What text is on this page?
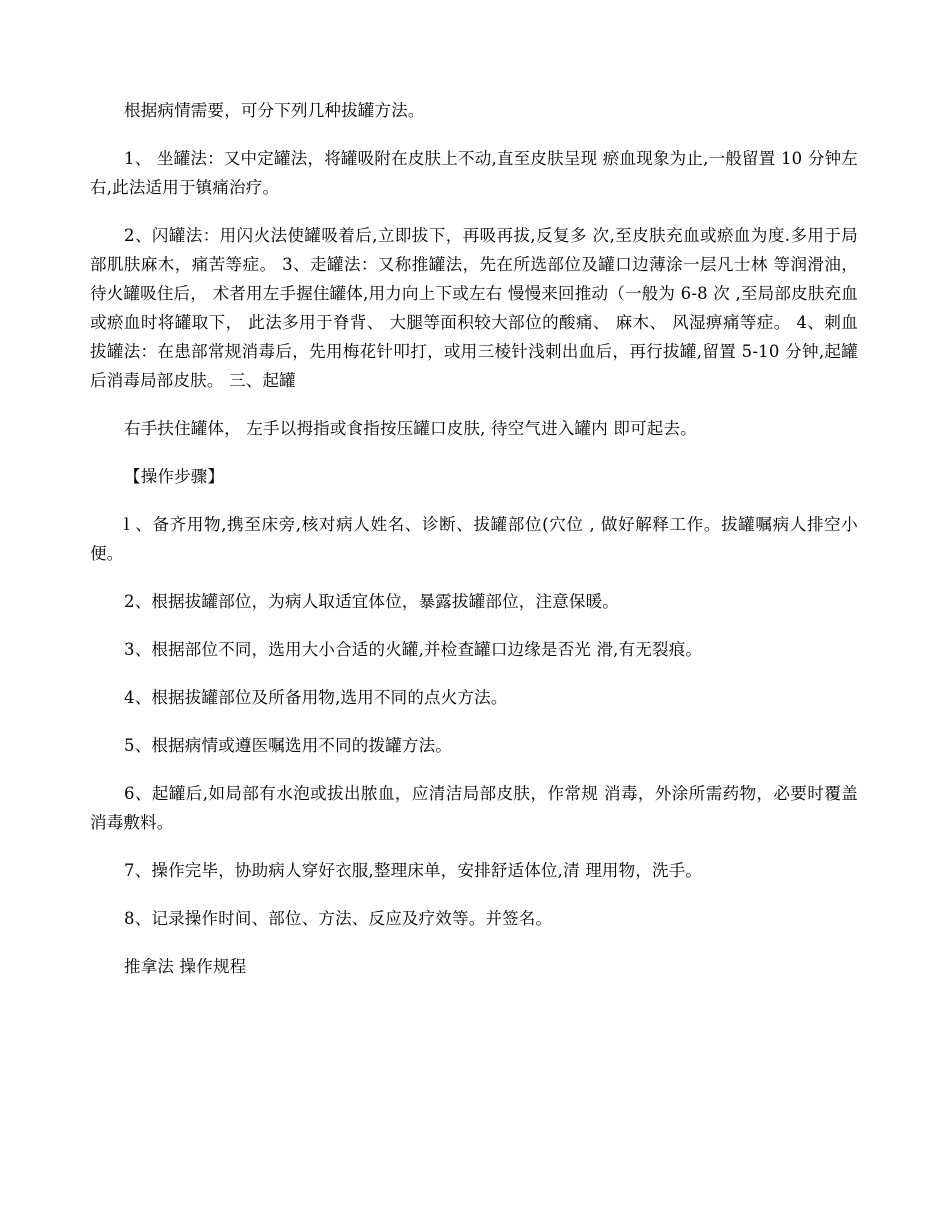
根据病情需要，可分下列几种拔罐方法。

1、 坐罐法：又中定罐法，将罐吸附在皮肤上不动,直至皮肤呈现 瘀血现象为止,一般留置 10 分钟左右,此法适用于镇痛治疗。

2、闪罐法：用闪火法使罐吸着后,立即拔下，再吸再拔,反复多 次,至皮肤充血或瘀血为度.多用于局部肌肤麻木，痛苦等症。 3、走罐法：又称推罐法，先在所选部位及罐口边薄涂一层凡士林 等润滑油，待火罐吸住后， 术者用左手握住罐体,用力向上下或左右 慢慢来回推动（一般为 6-8 次 ,至局部皮肤充血或瘀血时将罐取下， 此法多用于脊背、 大腿等面积较大部位的酸痛、 麻木、 风湿痹痛等症。 4、刺血拔罐法：在患部常规消毒后，先用梅花针叩打，或用三棱针浅刺出血后，再行拔罐,留置 5-10 分钟,起罐后消毒局部皮肤。 三、起罐

右手扶住罐体， 左手以拇指或食指按压罐口皮肤, 待空气进入罐内 即可起去。

【操作步骤】

l 、备齐用物,携至床旁,核对病人姓名、诊断、拔罐部位(穴位 , 做好解释工作。拔罐嘱病人排空小便。

2、根据拔罐部位，为病人取适宜体位，暴露拔罐部位，注意保暖。

3、根据部位不同，选用大小合适的火罐,并检查罐口边缘是否光 滑,有无裂痕。

4、根据拔罐部位及所备用物,选用不同的点火方法。

5、根据病情或遵医嘱选用不同的拨罐方法。

6、起罐后,如局部有水泡或拔出脓血，应清洁局部皮肤，作常规 消毒，外涂所需药物，必要时覆盖消毒敷料。

7、操作完毕，协助病人穿好衣服,整理床单，安排舒适体位,清 理用物，洗手。

8、记录操作时间、部位、方法、反应及疗效等。并签名。

推拿法 操作规程
